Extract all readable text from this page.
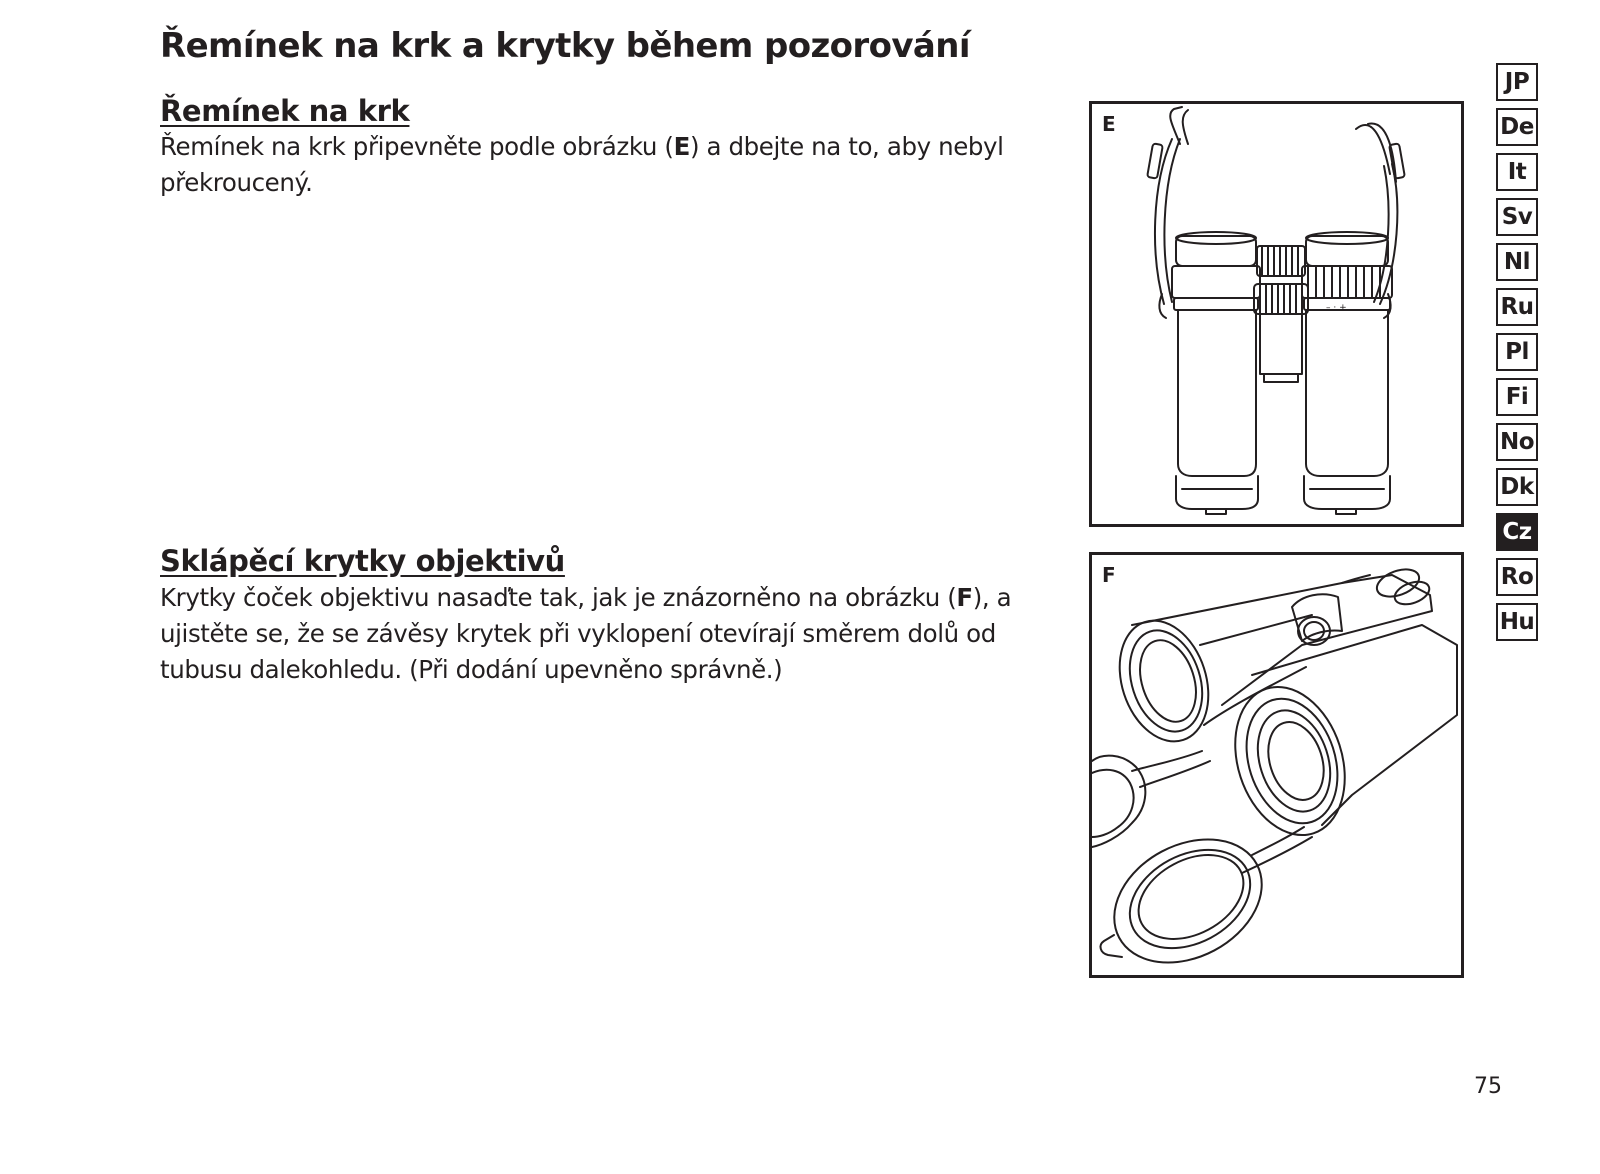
Řemínek na krk a krytky během pozorování
Řemínek na krk

Řemínek na krk připevněte podle obrázku (E) a dbejte na to, aby nebyl překroucený.

Sklápěcí krytky objektivů

Krytky čoček objektivu nasaďte tak, jak je znázorněno na obrázku (F), a ujistěte se, že se závěsy krytek při vyklopení otevírají směrem dolů od tubusu dalekohledu. (Při dodání upevněno správně.)

– · +
E
F
JP
De
It
Sv
Nl
Ru
Pl
Fi
No
Dk
Cz
Ro
Hu
75
